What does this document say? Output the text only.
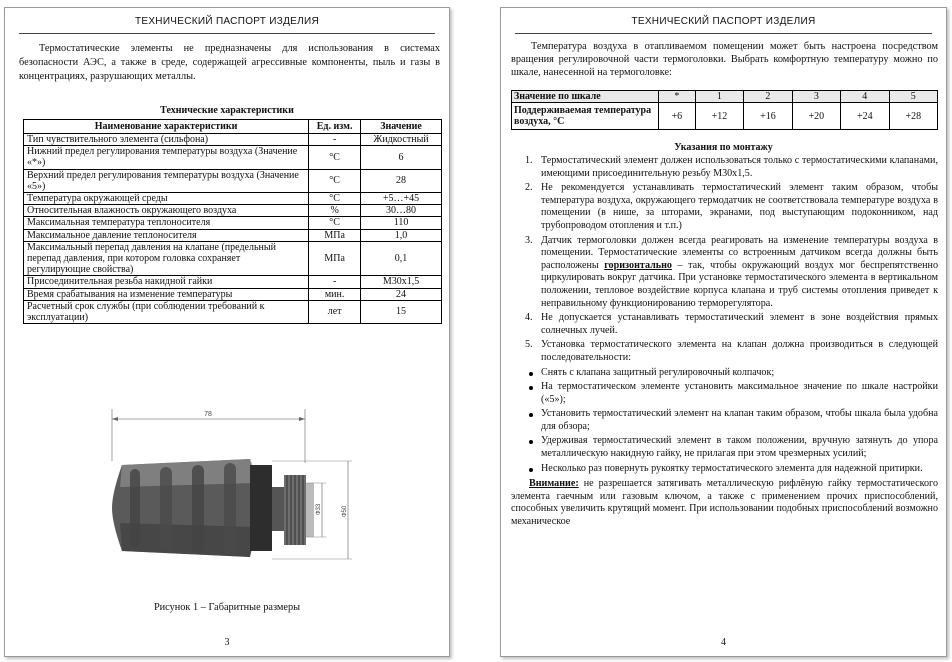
ТЕХНИЧЕСКИЙ ПАСПОРТ ИЗДЕЛИЯ
Термостатические элементы не предназначены для использования в системах безопасности АЭС, а также в среде, содержащей агрессивные компоненты, пыль и газы в концентрациях, разрушающих металлы.
Технические характеристики
Наименование характеристики	Ед. изм.	Значение
Тип чувствительного элемента (сильфона)	-	Жидкостный
Нижний предел регулирования температуры воздуха (Значение «*»)	°С	6
Верхний предел регулирования температуры воздуха (Значение «5»)	°С	28
Температура окружающей среды	°С	+5…+45
Относительная влажность окружающего воздуха	%	30…80
Максимальная температура теплоносителя	°С	110
Максимальное давление теплоносителя	МПа	1,0
Максимальный перепад давления на клапане (предельный перепад давления, при котором головка сохраняет регулирующие свойства)	МПа	0,1
Присоединительная резьба накидной гайки	-	М30х1,5
Время срабатывания на изменение температуры	мин.	24
Расчетный срок службы (при соблюдении требований к эксплуатации)	лет	15
78
Ф33	Ф50
Рисунок 1 – Габаритные размеры
3
ТЕХНИЧЕСКИЙ ПАСПОРТ ИЗДЕЛИЯ
Температура воздуха в отапливаемом помещении может быть настроена посредством вращения регулировочной части термоголовки. Выбрать комфортную температуру можно по шкале, нанесенной на термоголовке:
Значение по шкале	*	1	2	3	4	5
Поддерживаемая температура воздуха, °С	+6	+12	+16	+20	+24	+28
Указания по монтажу
1. Термостатический элемент должен использоваться только с термостатическими клапанами, имеющими присоединительную резьбу М30х1,5.
2. Не рекомендуется устанавливать термостатический элемент таким образом, чтобы температура воздуха, окружающего термодатчик не соответствовала температуре воздуха в помещении (в нише, за шторами, экранами, под выступающим подоконником, над трубопроводом отопления и т.п.)
3. Датчик термоголовки должен всегда реагировать на изменение температуры воздуха в помещении. Термостатические элементы со встроенным датчиком всегда должны быть расположены горизонтально – так, чтобы окружающий воздух мог беспрепятственно циркулировать вокруг датчика. При установке термостатического элемента в вертикальном положении, тепловое воздействие корпуса клапана и труб системы отопления приведет к неправильному функционированию терморегулятора.
4. Не допускается устанавливать термостатический элемент в зоне воздействия прямых солнечных лучей.
5. Установка термостатического элемента на клапан должна производиться в следующей последовательности:
Снять с клапана защитный регулировочный колпачок;
На термостатическом элементе установить максимальное значение по шкале настройки («5»);
Установить термостатический элемент на клапан таким образом, чтобы шкала была удобна для обзора;
Удерживая термостатический элемент в таком положении, вручную затянуть до упора металлическую накидную гайку, не прилагая при этом чрезмерных усилий;
Несколько раз повернуть рукоятку термостатического элемента для надежной притирки.
Внимание: не разрешается затягивать металлическую рифлёную гайку термостатического элемента гаечным или газовым ключом, а также с применением прочих приспособлений, способных увеличить крутящий момент. При использовании подобных приспособлений возможно механическое
4
